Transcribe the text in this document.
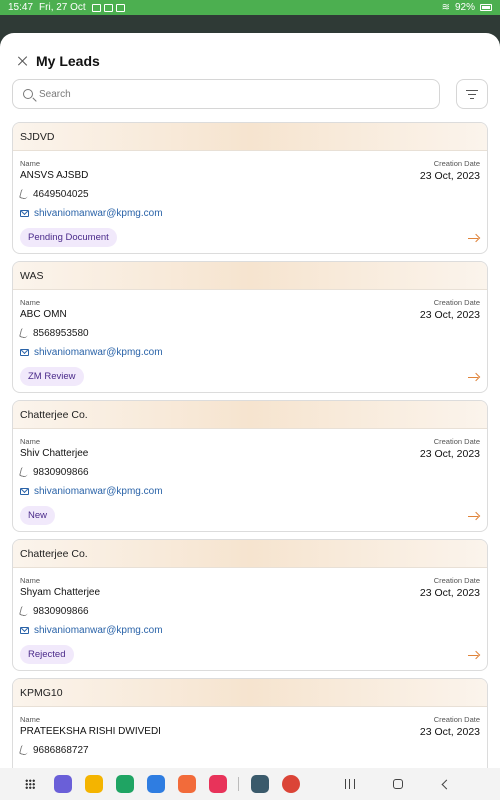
15:47 Fri, 27 Oct	≋ 92%
My Leads
Search
SJDVD
Name
ANSVS AJSBD
Creation Date
23 Oct, 2023
4649504025
shivaniomanwar@kpmg.com
Pending Document
WAS
Name
ABC OMN
Creation Date
23 Oct, 2023
8568953580
shivaniomanwar@kpmg.com
ZM Review
Chatterjee Co.
Name
Shiv Chatterjee
Creation Date
23 Oct, 2023
9830909866
shivaniomanwar@kpmg.com
New
Chatterjee Co.
Name
Shyam Chatterjee
Creation Date
23 Oct, 2023
9830909866
shivaniomanwar@kpmg.com
Rejected
KPMG10
Name
PRATEEKSHA RISHI DWIVEDI
Creation Date
23 Oct, 2023
9686868727
